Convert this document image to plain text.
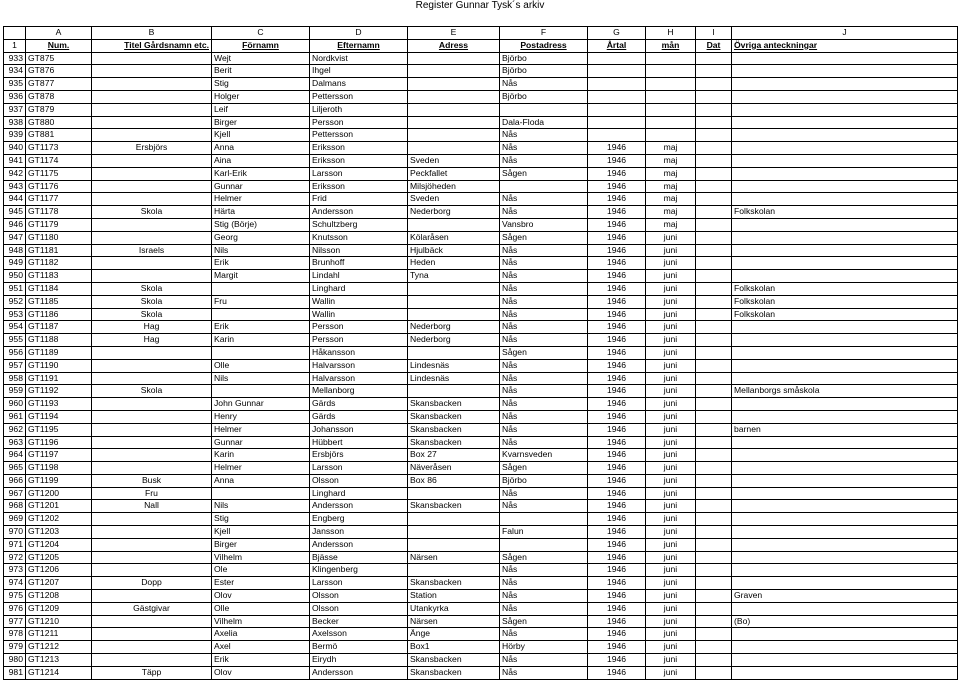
Register Gunnar Tysk´s arkiv
	A	B	C	D	E	F	G	H	I	J
1	Num.	Titel Gårdsnamn etc.	Förnamn	Efternamn	Adress	Postadress	Årtal	mån	Dat	Övriga anteckningar
933	GT875		Wejt	Nordkvist		Björbo				
934	GT876		Berit	Ihgel		Björbo				
935	GT877		Stig	Dalmans		Nås				
936	GT878		Holger	Pettersson		Björbo				
937	GT879		Leif	Liljeroth						
938	GT880		Birger	Persson		Dala-Floda				
939	GT881		Kjell	Pettersson		Nås				
940	GT1173	Ersbjörs	Anna	Eriksson		Nås	1946	maj		
941	GT1174		Aina	Eriksson	Sveden	Nås	1946	maj		
942	GT1175		Karl-Erik	Larsson	Peckfallet	Sågen	1946	maj		
943	GT1176		Gunnar	Eriksson	Milsjöheden		1946	maj		
944	GT1177		Helmer	Frid	Sveden	Nås	1946	maj		
945	GT1178	Skola	Härta	Andersson	Nederborg	Nås	1946	maj		Folkskolan
946	GT1179		Stig (Börje)	Schultzberg		Vansbro	1946	maj		
947	GT1180		Georg	Knutsson	Kölaråsen	Sågen	1946	juni		
948	GT1181	Israels	Nils	Nilsson	Hjulbäck	Nås	1946	juni		
949	GT1182		Erik	Brunhoff	Heden	Nås	1946	juni		
950	GT1183		Margit	Lindahl	Tyna	Nås	1946	juni		
951	GT1184	Skola		Linghard		Nås	1946	juni		Folkskolan
952	GT1185	Skola	Fru	Wallin		Nås	1946	juni		Folkskolan
953	GT1186	Skola		Wallin		Nås	1946	juni		Folkskolan
954	GT1187	Hag	Erik	Persson	Nederborg	Nås	1946	juni		
955	GT1188	Hag	Karin	Persson	Nederborg	Nås	1946	juni		
956	GT1189			Håkansson		Sågen	1946	juni		
957	GT1190		Olle	Halvarsson	Lindesnäs	Nås	1946	juni		
958	GT1191		Nils	Halvarsson	Lindesnäs	Nås	1946	juni		
959	GT1192	Skola		Mellanborg		Nås	1946	juni		Mellanborgs småskola
960	GT1193		John Gunnar	Gärds	Skansbacken	Nås	1946	juni		
961	GT1194		Henry	Gärds	Skansbacken	Nås	1946	juni		
962	GT1195		Helmer	Johansson	Skansbacken	Nås	1946	juni		barnen
963	GT1196		Gunnar	Hübbert	Skansbacken	Nås	1946	juni		
964	GT1197		Karin	Ersbjörs	Box 27	Kvarnsveden	1946	juni		
965	GT1198		Helmer	Larsson	Näveråsen	Sågen	1946	juni		
966	GT1199	Busk	Anna	Olsson	Box 86	Björbo	1946	juni		
967	GT1200	Fru		Linghard		Nås	1946	juni		
968	GT1201	Nall	Nils	Andersson	Skansbacken	Nås	1946	juni		
969	GT1202		Stig	Engberg			1946	juni		
970	GT1203		Kjell	Jansson		Falun	1946	juni		
971	GT1204		Birger	Andersson			1946	juni		
972	GT1205		Vilhelm	Bjässe	Närsen	Sågen	1946	juni		
973	GT1206		Ole	Klingenberg		Nås	1946	juni		
974	GT1207	Dopp	Ester	Larsson	Skansbacken	Nås	1946	juni		
975	GT1208		Olov	Olsson	Station	Nås	1946	juni		Graven
976	GT1209	Gästgivar	Olle	Olsson	Utankyrka	Nås	1946	juni		
977	GT1210		Vilhelm	Becker	Närsen	Sågen	1946	juni		(Bo)
978	GT1211		Axelia	Axelsson	Änge	Nås	1946	juni		
979	GT1212		Axel	Bermö	Box1	Hörby	1946	juni		
980	GT1213		Erik	Eirydh	Skansbacken	Nås	1946	juni		
981	GT1214	Täpp	Olov	Andersson	Skansbacken	Nås	1946	juni		
